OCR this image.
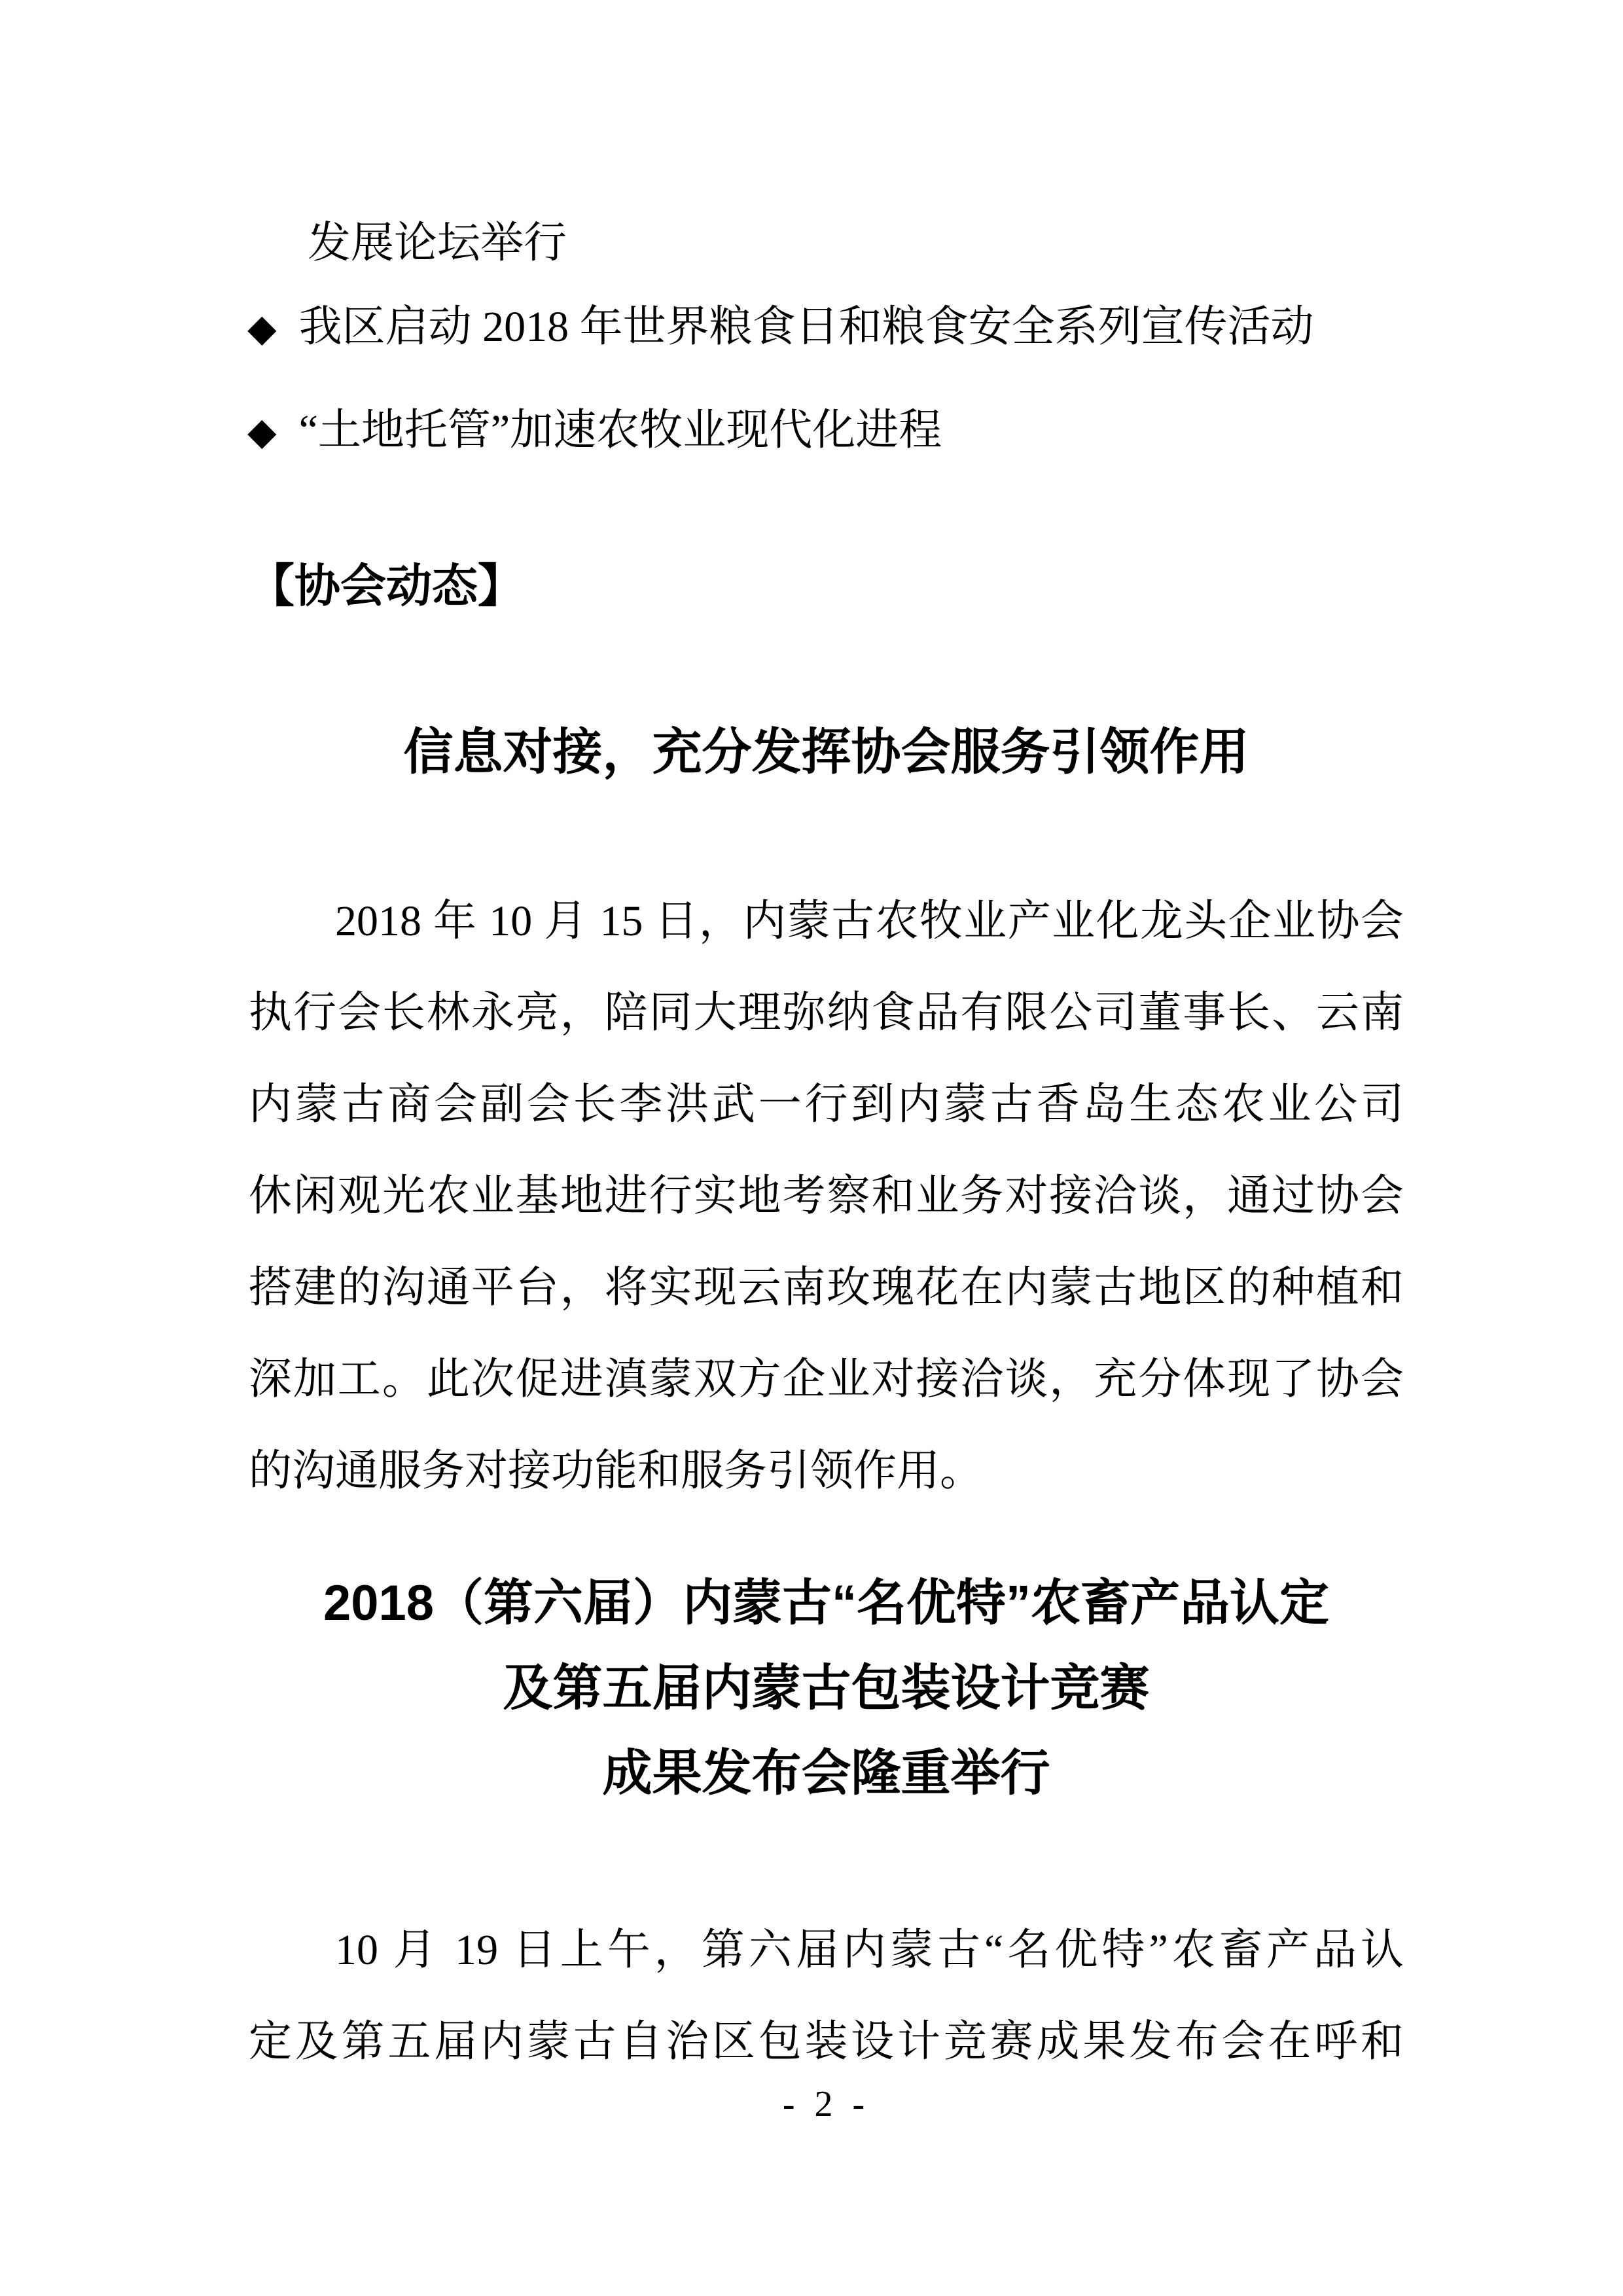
发展论坛举行
◆ 我区启动 2018 年世界粮食日和粮食安全系列宣传活动
◆ “土地托管”加速农牧业现代化进程
【协会动态】
信息对接，充分发挥协会服务引领作用
2018 年 10 月 15 日，内蒙古农牧业产业化龙头企业协会
执行会长林永亮，陪同大理弥纳食品有限公司董事长、云南
内蒙古商会副会长李洪武一行到内蒙古香岛生态农业公司
休闲观光农业基地进行实地考察和业务对接洽谈，通过协会
搭建的沟通平台，将实现云南玫瑰花在内蒙古地区的种植和
深加工。此次促进滇蒙双方企业对接洽谈，充分体现了协会
的沟通服务对接功能和服务引领作用。
2018（第六届）内蒙古“名优特”农畜产品认定
及第五届内蒙古包装设计竞赛
成果发布会隆重举行
10 月 19 日上午，第六届内蒙古“名优特”农畜产品认
定及第五届内蒙古自治区包装设计竞赛成果发布会在呼和
- 2 -
